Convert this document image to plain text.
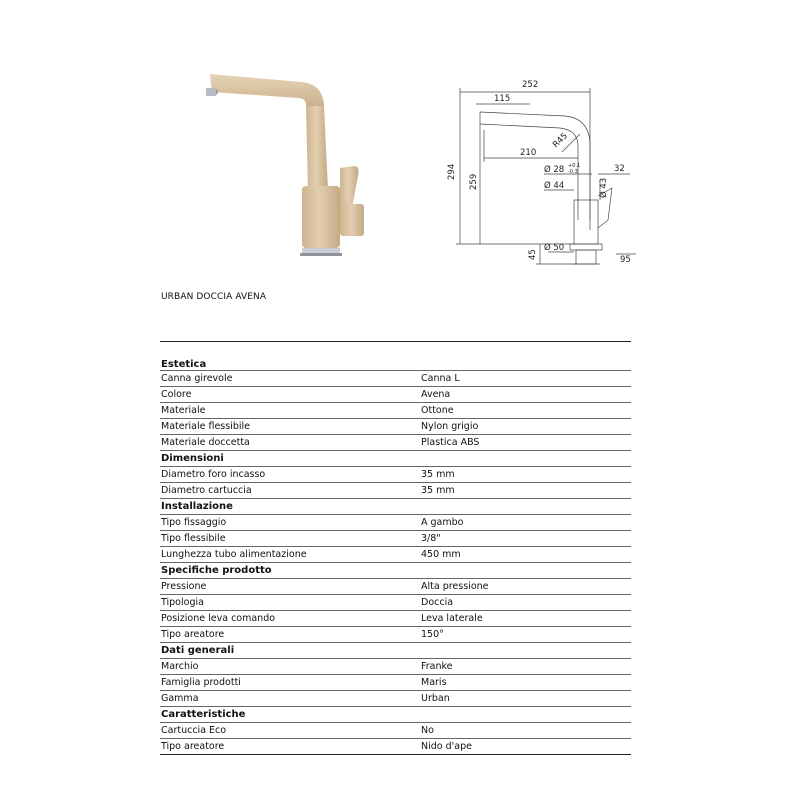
252
115
210
R45
294
259
Ø 28 +0.1
-0.3
Ø 44	Ø 43
32
Ø 50
45	95
URBAN DOCCIA AVENA
Estetica
Canna girevole	Canna L
Colore	Avena
Materiale	Ottone
Materiale flessibile	Nylon grigio
Materiale doccetta	Plastica ABS
Dimensioni
Diametro foro incasso	35 mm
Diametro cartuccia	35 mm
Installazione
Tipo fissaggio	A gambo
Tipo flessibile	3/8"
Lunghezza tubo alimentazione	450 mm
Specifiche prodotto
Pressione	Alta pressione
Tipologia	Doccia
Posizione leva comando	Leva laterale
Tipo areatore	150°
Dati generali
Marchio	Franke
Famiglia prodotti	Maris
Gamma	Urban
Caratteristiche
Cartuccia Eco	No
Tipo areatore	Nido d'ape
